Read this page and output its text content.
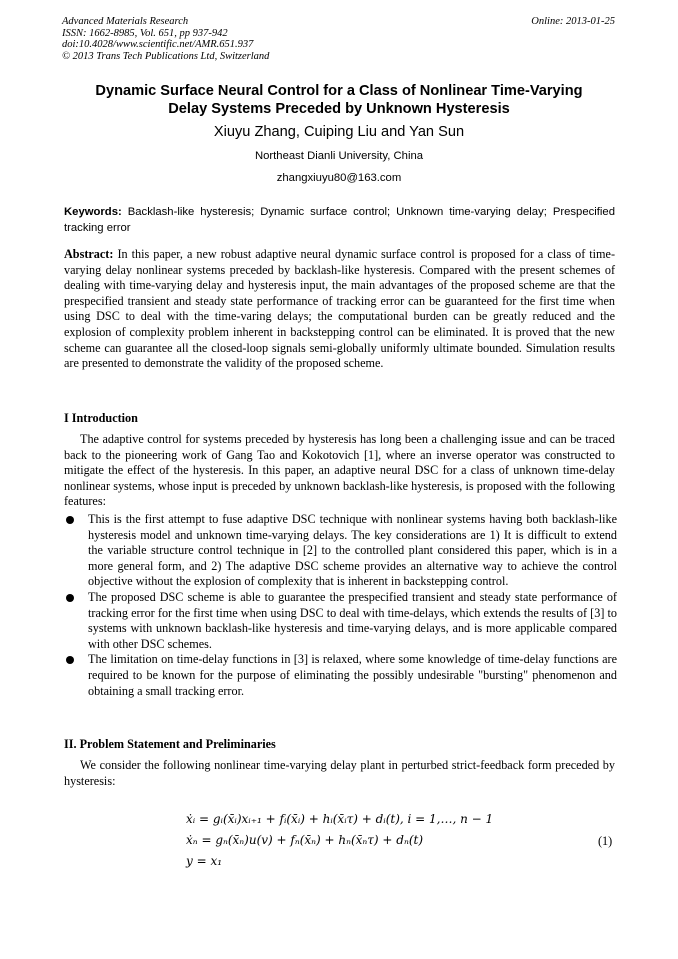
Advanced Materials Research
ISSN: 1662-8985, Vol. 651, pp 937-942
doi:10.4028/www.scientific.net/AMR.651.937
© 2013 Trans Tech Publications Ltd, Switzerland
Online: 2013-01-25
Dynamic Surface Neural Control for a Class of Nonlinear Time-Varying
Delay Systems Preceded by Unknown Hysteresis
Xiuyu Zhang, Cuiping Liu and Yan Sun
Northeast Dianli University, China
zhangxiuyu80@163.com
Keywords: Backlash-like hysteresis; Dynamic surface control; Unknown time-varying delay; Prespecified tracking error
Abstract: In this paper, a new robust adaptive neural dynamic surface control is proposed for a class of time-varying delay nonlinear systems preceded by backlash-like hysteresis. Compared with the present schemes of dealing with time-varying delay and hysteresis input, the main advantages of the proposed scheme are that the prespecified transient and steady state performance of tracking error can be guaranteed for the first time when using DSC to deal with the time-varing delays; the computational burden can be greatly reduced and the explosion of complexity problem inherent in backstepping control can be eliminated. It is proved that the new scheme can guarantee all the closed-loop signals semi-globally uniformly ultimate bounded. Simulation results are presented to demonstrate the validity of the proposed scheme.
I Introduction
The adaptive control for systems preceded by hysteresis has long been a challenging issue and can be traced back to the pioneering work of Gang Tao and Kokotovich [1], where an inverse operator was constructed to mitigate the effect of the hysteresis. In this paper, an adaptive neural DSC for a class of unknown time-delay nonlinear systems, whose input is preceded by unknown backlash-like hysteresis, is proposed with the following features:
This is the first attempt to fuse adaptive DSC technique with nonlinear systems having both backlash-like hysteresis model and unknown time-varying delays. The key considerations are 1) It is difficult to extend the variable structure control technique in [2] to the controlled plant considered this paper, which is in a more general form, and 2) The adaptive DSC scheme provides an alternative way to achieve the control objective without the explosion of complexity that is inherent in backstepping control.
The proposed DSC scheme is able to guarantee the prespecified transient and steady state performance of tracking error for the first time when using DSC to deal with time-delays, which extends the results of [3] to systems with unknown backlash-like hysteresis and time-varying delays, and is more applicable compared with other DSC schemes.
The limitation on time-delay functions in [3] is relaxed, where some knowledge of time-delay functions are required to be known for the purpose of eliminating the possibly undesirable "bursting" phenomenon and obtaining a small tracking error.
II. Problem Statement and Preliminaries
We consider the following nonlinear time-varying delay plant in perturbed strict-feedback form preceded by hysteresis:
ẋᵢ = gᵢ(x̄ᵢ)xᵢ₊₁ + fᵢ(x̄ᵢ) + hᵢ(x̄ᵢτ) + dᵢ(t), i = 1,…, n − 1
ẋₙ = gₙ(x̄ₙ)u(v) + fₙ(x̄ₙ) + hₙ(x̄ₙτ) + dₙ(t)
y = x₁
(1)
